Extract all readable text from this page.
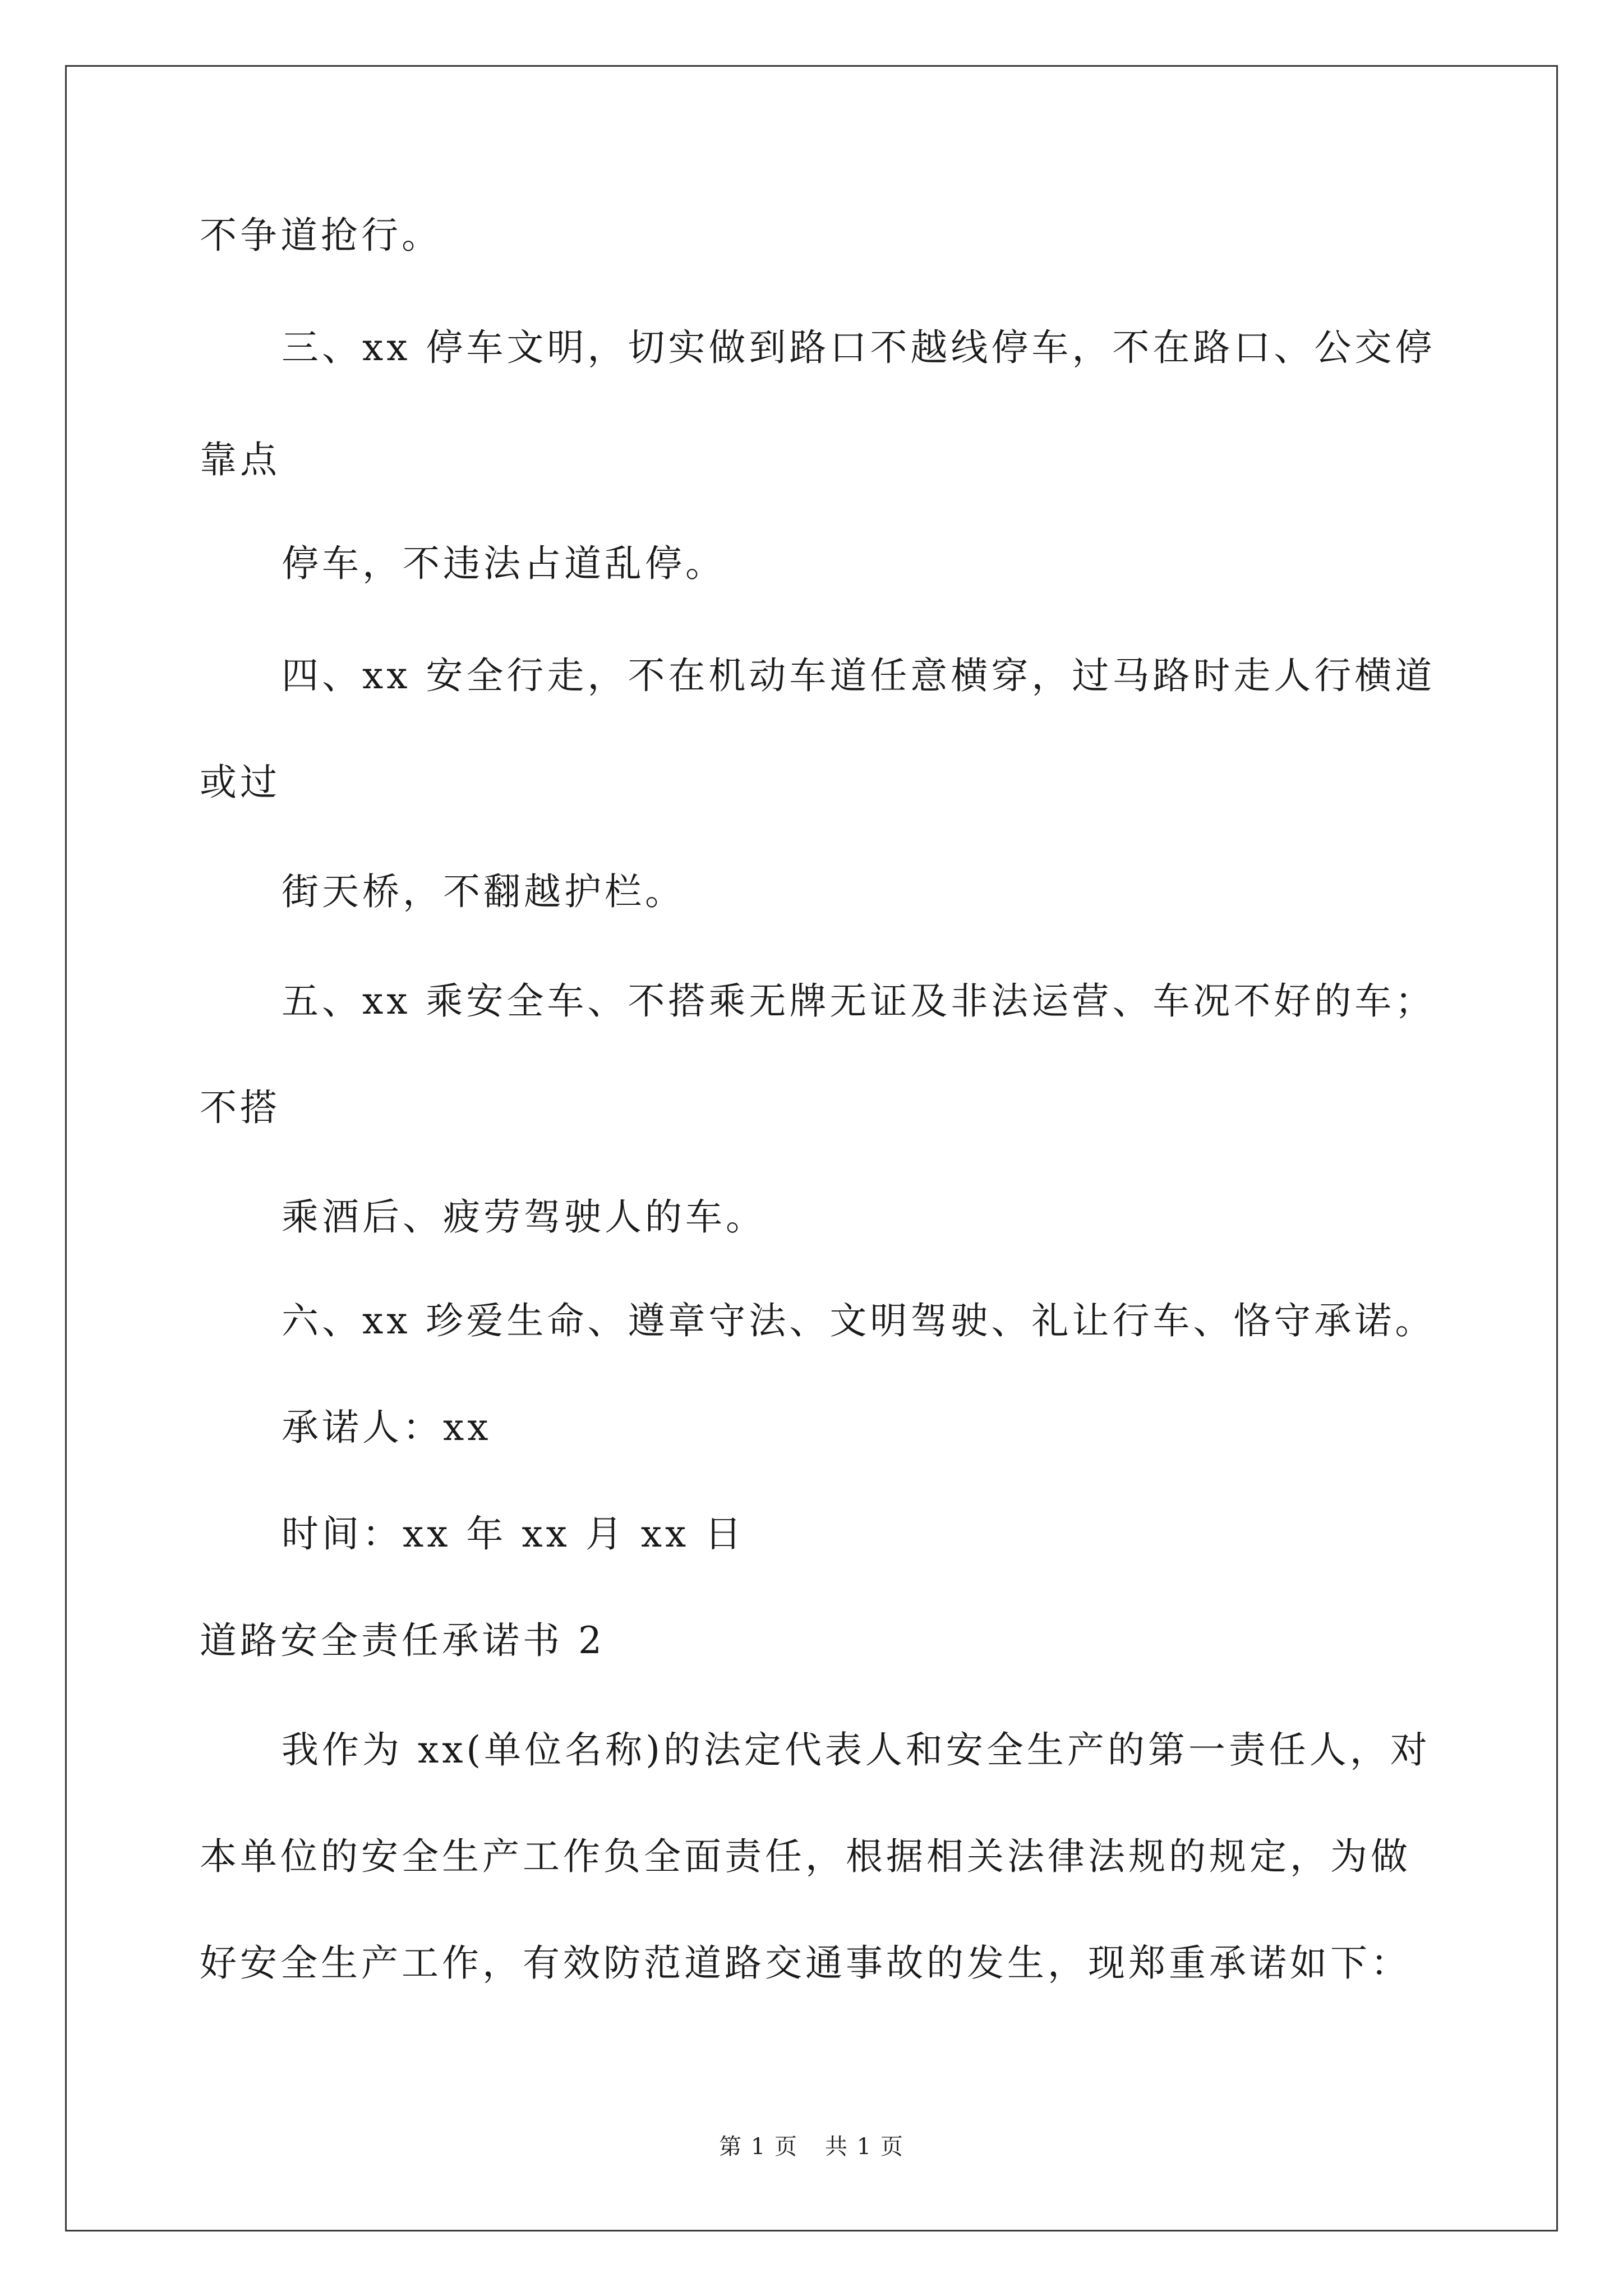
不争道抢行。
三、xx 停车文明，切实做到路口不越线停车，不在路口、公交停
靠点
停车，不违法占道乱停。
四、xx 安全行走，不在机动车道任意横穿，过马路时走人行横道
或过
街天桥，不翻越护栏。
五、xx 乘安全车、不搭乘无牌无证及非法运营、车况不好的车；
不搭
乘酒后、疲劳驾驶人的车。
六、xx 珍爱生命、遵章守法、文明驾驶、礼让行车、恪守承诺。
承诺人：xx
时间：xx 年 xx 月 xx 日
道路安全责任承诺书 2
我作为 xx(单位名称)的法定代表人和安全生产的第一责任人，对
本单位的安全生产工作负全面责任，根据相关法律法规的规定，为做
好安全生产工作，有效防范道路交通事故的发生，现郑重承诺如下：
第 1 页 共 1 页
